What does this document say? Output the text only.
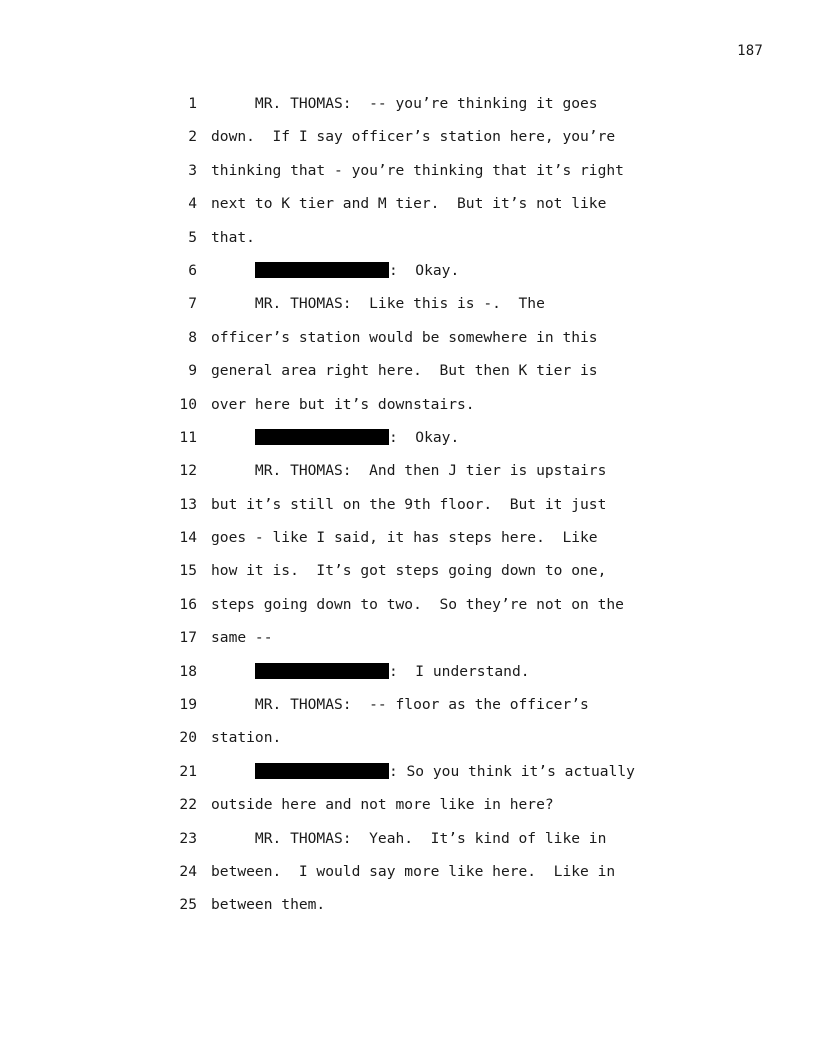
187
1 MR. THOMAS:  -- you’re thinking it goes
2 down.  If I say officer’s station here, you’re
3 thinking that - you’re thinking that it’s right
4 next to K tier and M tier.  But it’s not like
5 that.
6	:  Okay.
7 MR. THOMAS:  Like this is -.  The
8 officer’s station would be somewhere in this
9 general area right here.  But then K tier is
10 over here but it’s downstairs.
11	:  Okay.
12 MR. THOMAS:  And then J tier is upstairs
13 but it’s still on the 9th floor.  But it just
14 goes - like I said, it has steps here.  Like
15 how it is.  It’s got steps going down to one,
16 steps going down to two.  So they’re not on the
17 same --
18	:  I understand.
19 MR. THOMAS:  -- floor as the officer’s
20 station.
21	: So you think it’s actually
22 outside here and not more like in here?
23 MR. THOMAS:  Yeah.  It’s kind of like in
24 between.  I would say more like here.  Like in
25 between them.
